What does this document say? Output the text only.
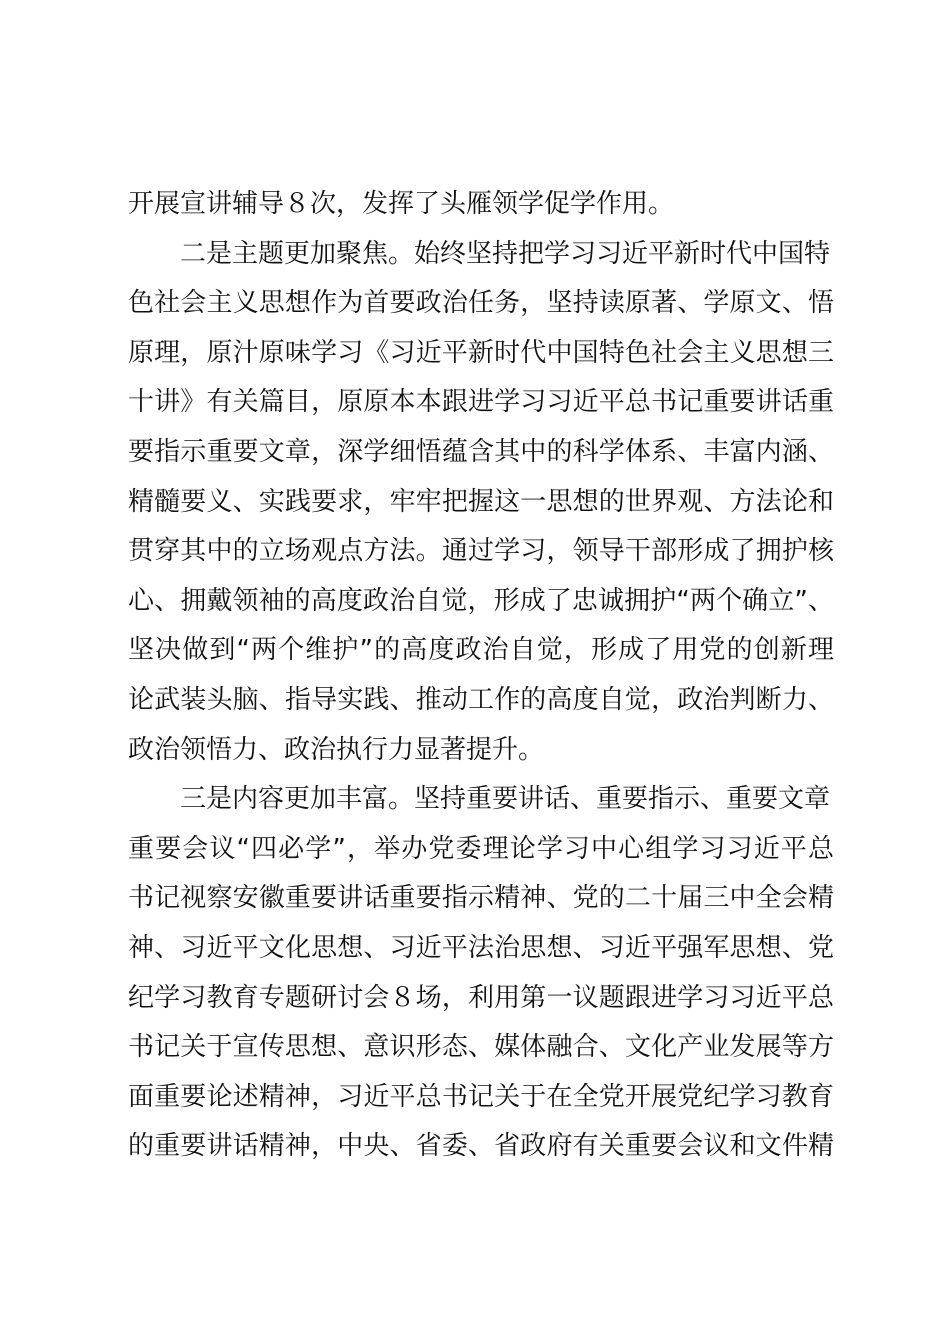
开展宣讲辅导８次，发挥了头雁领学促学作用。
二是主题更加聚焦。始终坚持把学习习近平新时代中国特
色社会主义思想作为首要政治任务，坚持读原著、学原文、悟
原理，原汁原味学习《习近平新时代中国特色社会主义思想三
十讲》有关篇目，原原本本跟进学习习近平总书记重要讲话重
要指示重要文章，深学细悟蕴含其中的科学体系、丰富内涵、
精髓要义、实践要求，牢牢把握这一思想的世界观、方法论和
贯穿其中的立场观点方法。通过学习，领导干部形成了拥护核
心、拥戴领袖的高度政治自觉，形成了忠诚拥护“两个确立”、
坚决做到“两个维护”的高度政治自觉，形成了用党的创新理
论武装头脑、指导实践、推动工作的高度自觉，政治判断力、
政治领悟力、政治执行力显著提升。
三是内容更加丰富。坚持重要讲话、重要指示、重要文章
重要会议“四必学”，举办党委理论学习中心组学习习近平总
书记视察安徽重要讲话重要指示精神、党的二十届三中全会精
神、习近平文化思想、习近平法治思想、习近平强军思想、党
纪学习教育专题研讨会８场，利用第一议题跟进学习习近平总
书记关于宣传思想、意识形态、媒体融合、文化产业发展等方
面重要论述精神，习近平总书记关于在全党开展党纪学习教育
的重要讲话精神，中央、省委、省政府有关重要会议和文件精
